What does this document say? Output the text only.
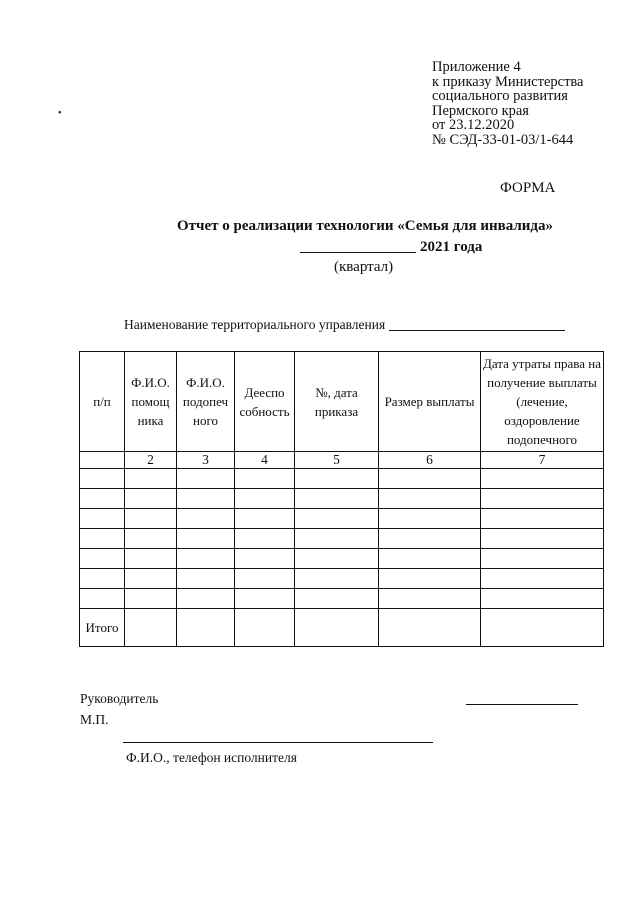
Приложение 4
к приказу Министерства
социального развития
Пермского края
от 23.12.2020
№ СЭД-33-01-03/1-644
•
ФОРМА
Отчет о реализации технологии «Семья для инвалида»
2021 года
(квартал)
Наименование территориального управления
п/п	Ф.И.О. помощ ника	Ф.И.О. подопеч ного	Дееспо собность	№, дата приказа	Размер выплаты	Дата утраты права на получение выплаты (лечение, оздоровление подопечного
	2	3	4	5	6	7

Итого						
Руководитель
М.П.
Ф.И.О., телефон исполнителя
